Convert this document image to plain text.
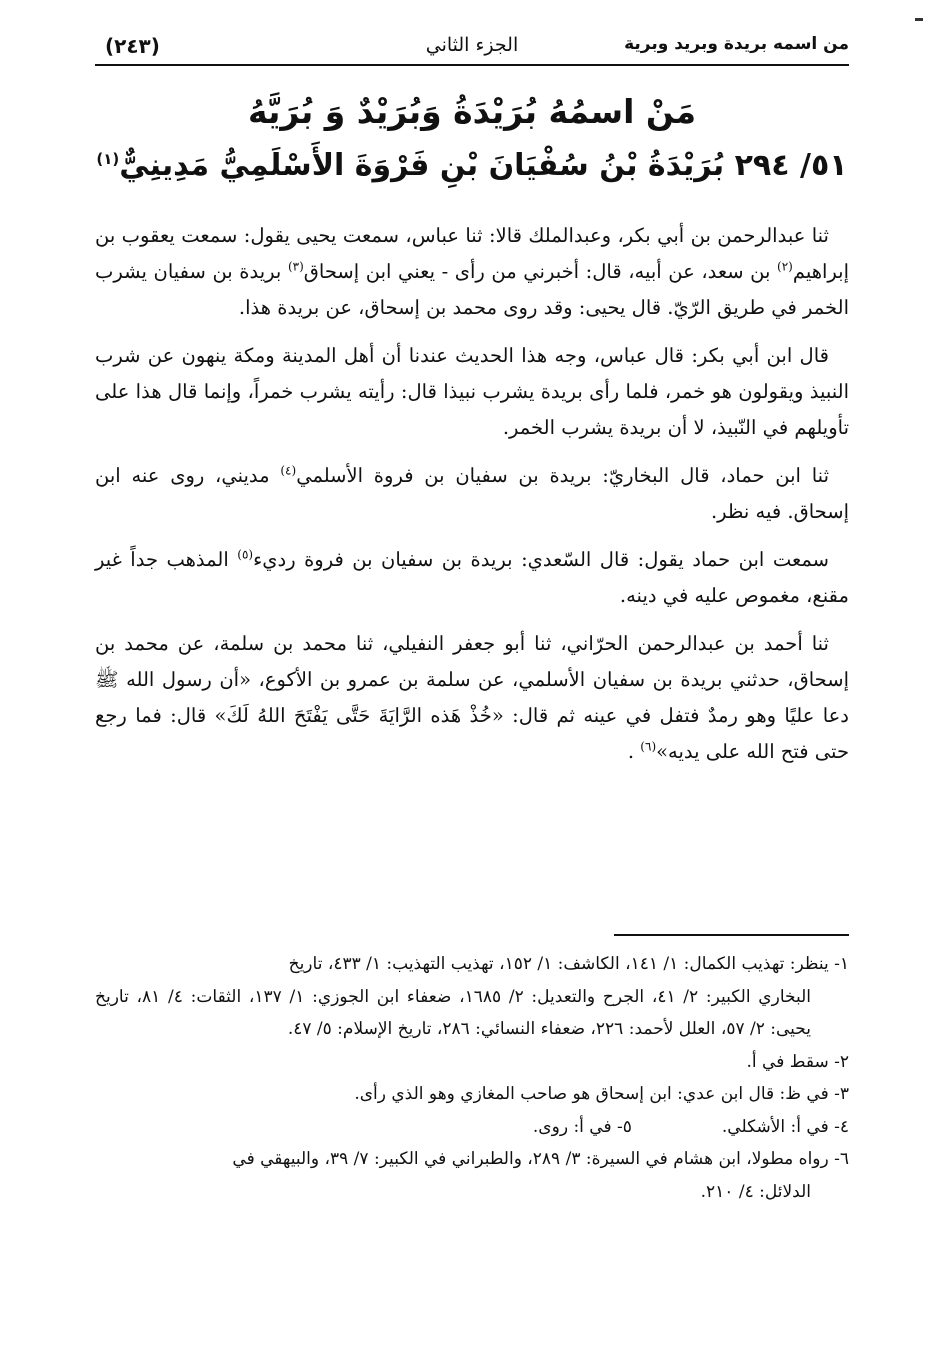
من اسمه بريدة وبريد وبرية
الجزء الثاني
(٢٤٣)
مَنْ اسمُهُ بُرَيْدَةُ وَبُرَيْدٌ وَ بُرَيَّهُ
٥١/ ٢٩٤ بُرَيْدَةُ بْنُ سُفْيَانَ بْنِ فَرْوَةَ الأَسْلَمِيُّ مَدِينِيٌّ$^{(١)}$

ثنا عبدالرحمن بن أبي بكر، وعبدالملك قالا: ثنا عباس، سمعت يحيى يقول: سمعت يعقوب بن إبراهيم$^{(٢)}$ بن سعد، عن أبيه، قال: أخبرني من رأى - يعني ابن إسحاق$^{(٣)}$ بريدة بن سفيان يشرب الخمر في طريق الرّيّ. قال يحيى: وقد روى محمد بن إسحاق، عن بريدة هذا.

قال ابن أبي بكر: قال عباس، وجه هذا الحديث عندنا أن أهل المدينة ومكة ينهون عن شرب النبيذ ويقولون هو خمر، فلما رأى بريدة يشرب نبيذا قال: رأيته يشرب خمراً، وإنما قال هذا على تأويلهم في النّبيذ، لا أن بريدة يشرب الخمر.

ثنا ابن حماد، قال البخاريّ: بريدة بن سفيان بن فروة الأسلمي$^{(٤)}$ مديني، روى عنه ابن إسحاق. فيه نظر.

سمعت ابن حماد يقول: قال السّعدي: بريدة بن سفيان بن فروة رديء$^{(٥)}$ المذهب جداً غير مقنع، مغموص عليه في دينه.

ثنا أحمد بن عبدالرحمن الحرّاني، ثنا أبو جعفر النفيلي، ثنا محمد بن سلمة، عن محمد بن إسحاق، حدثني بريدة بن سفيان الأسلمي، عن سلمة بن عمرو بن الأكوع، «أن رسول الله ﷺ دعا عليًا وهو رمدٌ فتفل في عينه ثم قال: «خُذْ هَذه الرَّايَةَ حَتَّى يَفْتَحَ اللهُ لَكَ» قال: فما رجع حتى فتح الله على يديه»$^{(٦)}$ .

١- ينظر: تهذيب الكمال: ١/ ١٤١، الكاشف: ١/ ١٥٢، تهذيب التهذيب: ١/ ٤٣٣، تاريخ

البخاري الكبير: ٢/ ٤١، الجرح والتعديل: ٢/ ١٦٨٥، ضعفاء ابن الجوزي: ١/ ١٣٧، الثقات: ٤/ ٨١، تاريخ يحيى: ٢/ ٥٧، العلل لأحمد: ٢٢٦، ضعفاء النسائي: ٢٨٦، تاريخ الإسلام: ٥/ ٤٧.

٢- سقط في أ.

٣- في ظ: قال ابن عدي: ابن إسحاق هو صاحب المغازي وهو الذي رأى.

٤- في أ: الأشكلي.
٥- في أ: روى.

٦- رواه مطولا، ابن هشام في السيرة: ٣/ ٢٨٩، والطبراني في الكبير: ٧/ ٣٩، والبيهقي في

الدلائل: ٤/ ٢١٠.
